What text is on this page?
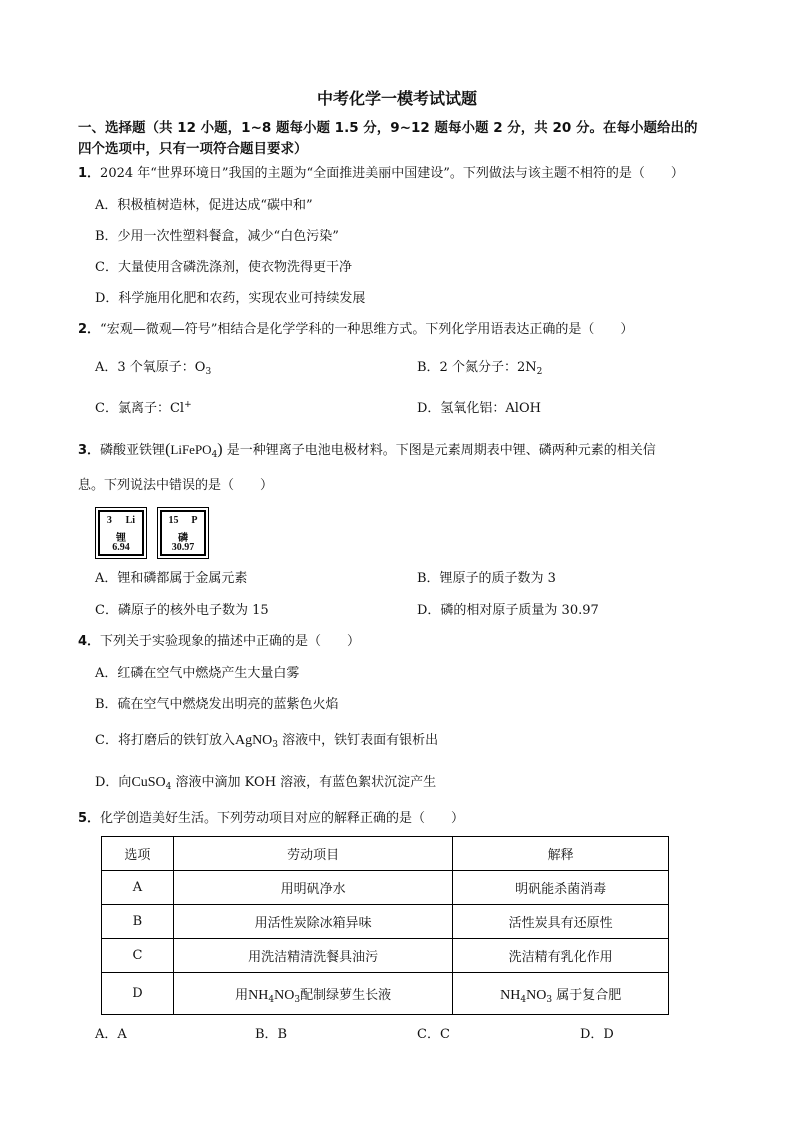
中考化学一模考试试题
一、选择题（共 12 小题，1~8 题每小题 1.5 分，9~12 题每小题 2 分，共 20 分。在每小题给出的
四个选项中，只有一项符合题目要求）
1．2024 年“世界环境日”我国的主题为“全面推进美丽中国建设”。下列做法与该主题不相符的是（　　）
A．积极植树造林，促进达成“碳中和”
B．少用一次性塑料餐盒，减少“白色污染”
C．大量使用含磷洗涤剂，使衣物洗得更干净
D．科学施用化肥和农药，实现农业可持续发展
2．“宏观—微观—符号”相结合是化学学科的一种思维方式。下列化学用语表达正确的是（　　）
A．3 个氧原子：$O_3$	B．2 个氮分子：$2N_2$
C．氯离子：Cl+	D．氢氧化铝：AlOH
3．磷酸亚铁锂(LiFePO$_4$) 是一种锂离子电池电极材料。下图是元素周期表中锂、磷两种元素的相关信
息。下列说法中错误的是（　　）
3 Li
锂
6.94
15 P
磷
30.97
A．锂和磷都属于金属元素	B．锂原子的质子数为 3
C．磷原子的核外电子数为 15	D．磷的相对原子质量为 30.97
4．下列关于实验现象的描述中正确的是（　　）
A．红磷在空气中燃烧产生大量白雾
B．硫在空气中燃烧发出明亮的蓝紫色火焰
C．将打磨后的铁钉放入AgNO$_3$ 溶液中，铁钉表面有银析出
D．向CuSO$_4$ 溶液中滴加 KOH 溶液，有蓝色絮状沉淀产生
5．化学创造美好生活。下列劳动项目对应的解释正确的是（　　）
选项	劳动项目	解释
A	用明矾净水	明矾能杀菌消毒
B	用活性炭除冰箱异味	活性炭具有还原性
C	用洗洁精清洗餐具油污	洗洁精有乳化作用
D	用$NH_4NO_3$配制绿萝生长液	$NH_4NO_3$ 属于复合肥
A．A	B．B	C．C	D．D
